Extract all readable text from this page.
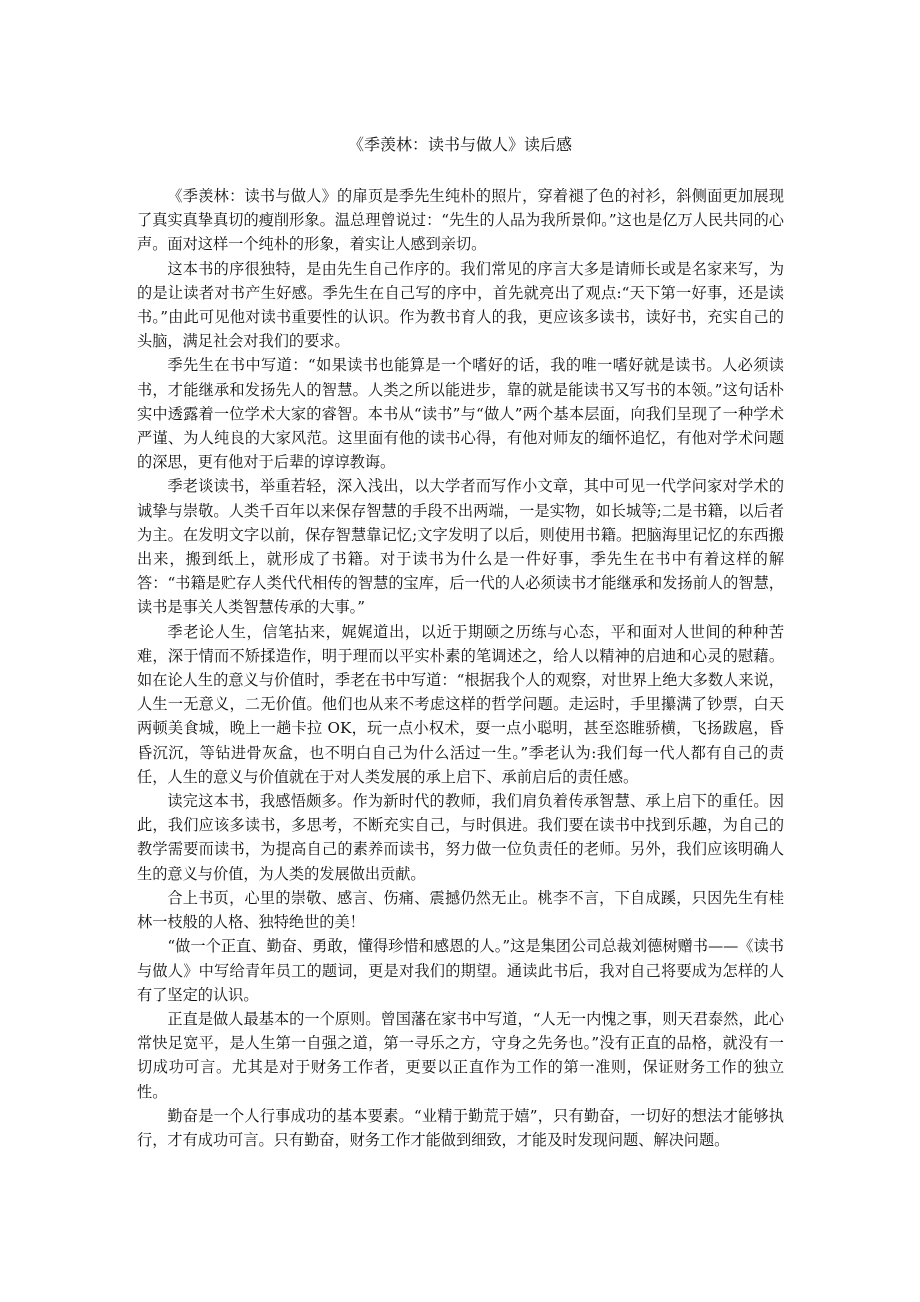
《季羡林：读书与做人》读后感

《季羡林：读书与做人》的扉页是季先生纯朴的照片，穿着褪了色的衬衫，斜侧面更加展现了真实真挚真切的瘦削形象。温总理曾说过：“先生的人品为我所景仰。”这也是亿万人民共同的心声。面对这样一个纯朴的形象，着实让人感到亲切。

这本书的序很独特，是由先生自己作序的。我们常见的序言大多是请师长或是名家来写，为的是让读者对书产生好感。季先生在自己写的序中，首先就亮出了观点:“天下第一好事，还是读书。”由此可见他对读书重要性的认识。作为教书育人的我，更应该多读书，读好书，充实自己的头脑，满足社会对我们的要求。

季先生在书中写道：“如果读书也能算是一个嗜好的话，我的唯一嗜好就是读书。人必须读书，才能继承和发扬先人的智慧。人类之所以能进步，靠的就是能读书又写书的本领。”这句话朴实中透露着一位学术大家的睿智。本书从“读书”与“做人”两个基本层面，向我们呈现了一种学术严谨、为人纯良的大家风范。这里面有他的读书心得，有他对师友的缅怀追忆，有他对学术问题的深思，更有他对于后辈的谆谆教诲。

季老谈读书，举重若轻，深入浅出，以大学者而写作小文章，其中可见一代学问家对学术的诚挚与崇敬。人类千百年以来保存智慧的手段不出两端，一是实物，如长城等;二是书籍，以后者为主。在发明文字以前，保存智慧靠记忆;文字发明了以后，则使用书籍。把脑海里记忆的东西搬出来，搬到纸上，就形成了书籍。对于读书为什么是一件好事，季先生在书中有着这样的解答：“书籍是贮存人类代代相传的智慧的宝库，后一代的人必须读书才能继承和发扬前人的智慧，读书是事关人类智慧传承的大事。”

季老论人生，信笔拈来，娓娓道出，以近于期颐之历练与心态，平和面对人世间的种种苦难，深于情而不矫揉造作，明于理而以平实朴素的笔调述之，给人以精神的启迪和心灵的慰藉。如在论人生的意义与价值时，季老在书中写道：“根据我个人的观察，对世界上绝大多数人来说，人生一无意义，二无价值。他们也从来不考虑这样的哲学问题。走运时，手里攥满了钞票，白天两顿美食城，晚上一趟卡拉 OK，玩一点小权术，耍一点小聪明，甚至恣睢骄横，飞扬跋扈，昏昏沉沉，等钻进骨灰盒，也不明白自己为什么活过一生。”季老认为:我们每一代人都有自己的责任，人生的意义与价值就在于对人类发展的承上启下、承前启后的责任感。

读完这本书，我感悟颇多。作为新时代的教师，我们肩负着传承智慧、承上启下的重任。因此，我们应该多读书，多思考，不断充实自己，与时俱进。我们要在读书中找到乐趣，为自己的教学需要而读书，为提高自己的素养而读书，努力做一位负责任的老师。另外，我们应该明确人生的意义与价值，为人类的发展做出贡献。

合上书页，心里的崇敬、感言、伤痛、震撼仍然无止。桃李不言，下自成蹊，只因先生有桂林一枝般的人格、独特绝世的美！

“做一个正直、勤奋、勇敢，懂得珍惜和感恩的人。”这是集团公司总裁刘德树赠书——《读书与做人》中写给青年员工的题词，更是对我们的期望。通读此书后，我对自己将要成为怎样的人有了坚定的认识。

正直是做人最基本的一个原则。曾国藩在家书中写道，“人无一内愧之事，则天君泰然，此心常快足宽平，是人生第一自强之道，第一寻乐之方，守身之先务也。”没有正直的品格，就没有一切成功可言。尤其是对于财务工作者，更要以正直作为工作的第一准则，保证财务工作的独立性。

勤奋是一个人行事成功的基本要素。“业精于勤荒于嬉”，只有勤奋，一切好的想法才能够执行，才有成功可言。只有勤奋，财务工作才能做到细致，才能及时发现问题、解决问题。
